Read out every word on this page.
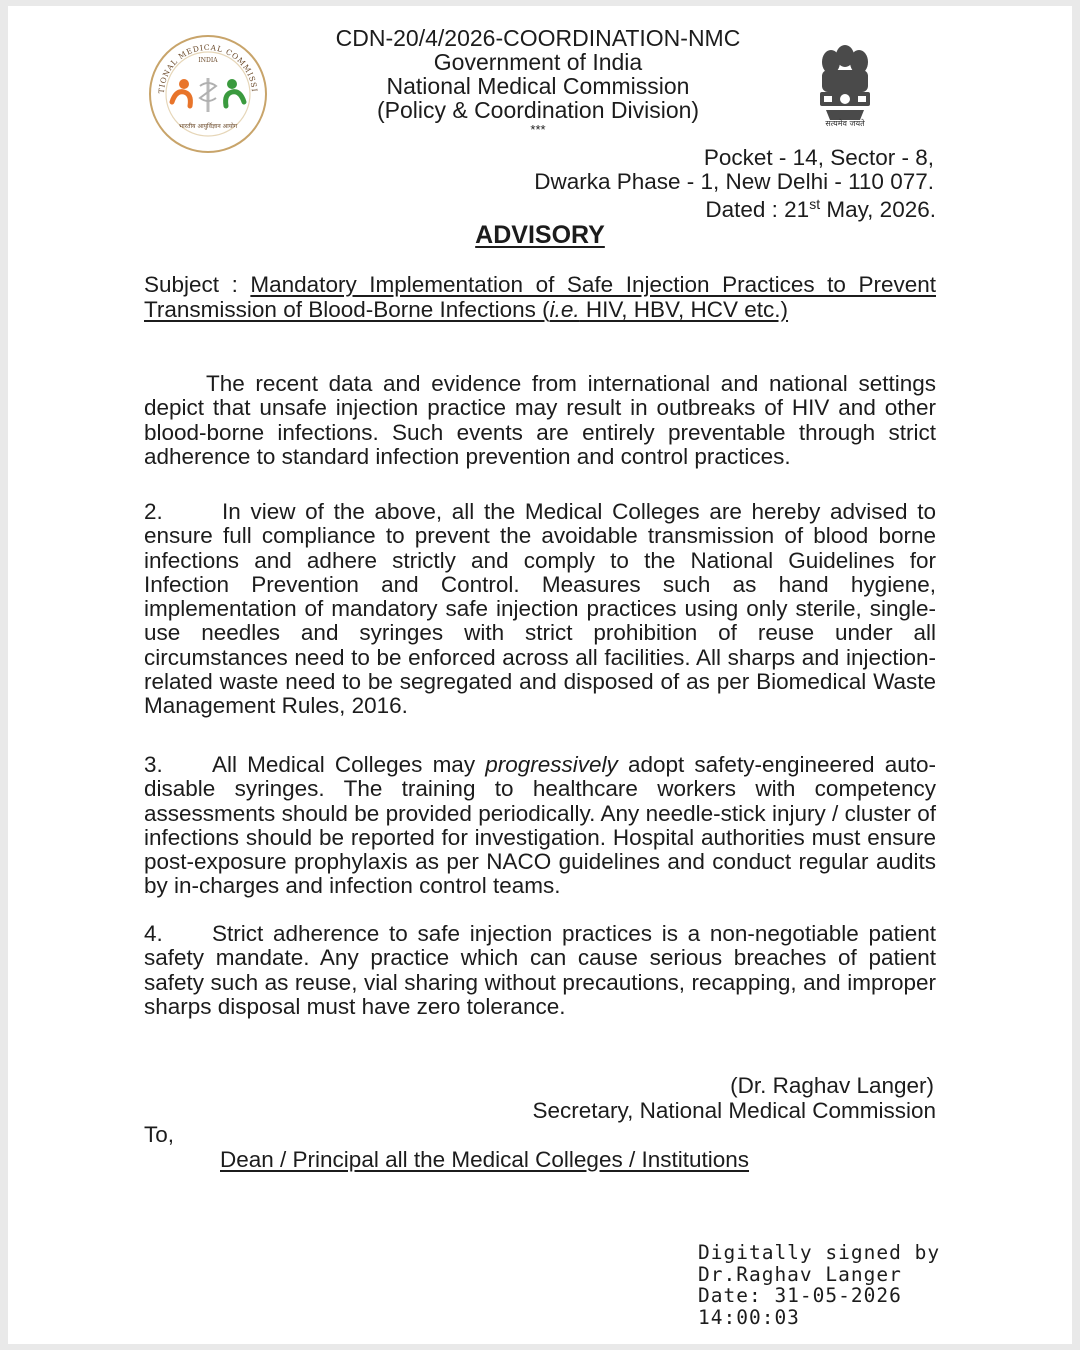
TIONAL MEDICAL COMMISSI
INDIA
भारतीय आयुर्विज्ञान आयोग
CDN-20/4/2026-COORDINATION-NMC
Government of India
National Medical Commission
(Policy & Coordination Division)
***	सत्यमेव जयते
Pocket - 14, Sector - 8,
Dwarka Phase - 1, New Delhi - 110 077.
Dated : 21st May, 2026.
ADVISORY
Subject : Mandatory Implementation of Safe Injection Practices to Prevent
Transmission of Blood-Borne Infections (i.e. HIV, HBV, HCV etc.)
The recent data and evidence from international and national settings depict that unsafe injection practice may result in outbreaks of HIV and other blood-borne infections. Such events are entirely preventable through strict adherence to standard infection prevention and control practices.
2.	In view of the above, all the Medical Colleges are hereby advised to ensure full compliance to prevent the avoidable transmission of blood borne infections and adhere strictly and comply to the National Guidelines for Infection Prevention and Control. Measures such as hand hygiene, implementation of mandatory safe injection practices using only sterile, single-use needles and syringes with strict prohibition of reuse under all circumstances need to be enforced across all facilities. All sharps and injection-related waste need to be segregated and disposed of as per Biomedical Waste Management Rules, 2016.
3. All Medical Colleges may progressively adopt safety-engineered auto-disable syringes. The training to healthcare workers with competency assessments should be provided periodically. Any needle-stick injury / cluster of infections should be reported for investigation. Hospital authorities must ensure post-exposure prophylaxis as per NACO guidelines and conduct regular audits by in-charges and infection control teams.
4. Strict adherence to safe injection practices is a non-negotiable patient safety mandate. Any practice which can cause serious breaches of patient safety such as reuse, vial sharing without precautions, recapping, and improper sharps disposal must have zero tolerance.
(Dr. Raghav Langer)
Secretary, National Medical Commission
To,
Dean / Principal all the Medical Colleges / Institutions
Digitally signed by
Dr.Raghav Langer
Date: 31-05-2026
14:00:03
